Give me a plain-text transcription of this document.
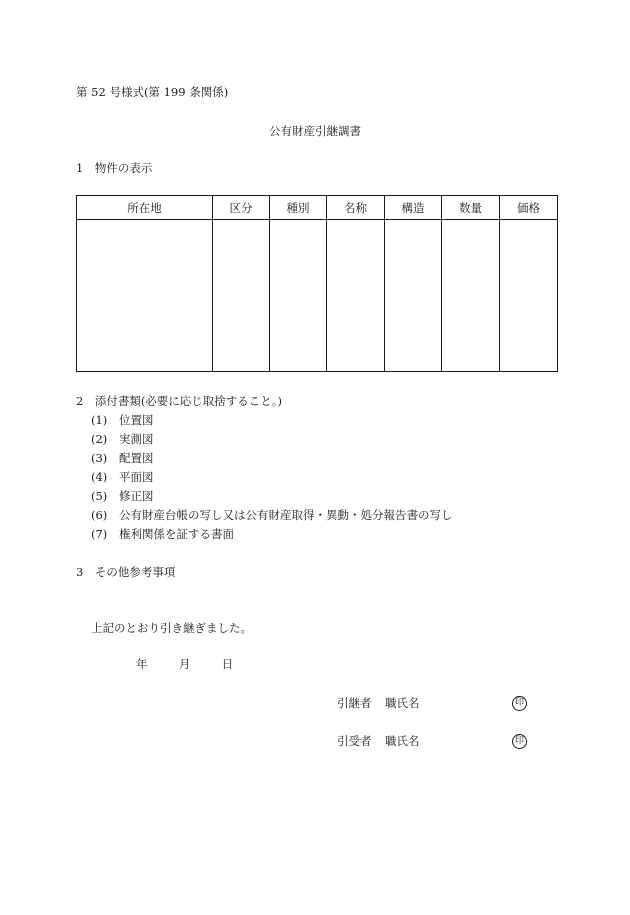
第 52 号様式(第 199 条関係)
公有財産引継調書
1　物件の表示
所在地	区分	種別	名称	構造	数量	価格

2　添付書類(必要に応じ取捨すること。)
(1) 位置図
(2) 実測図
(3) 配置図
(4) 平面図
(5) 修正図
(6) 公有財産台帳の写し又は公有財産取得・異動・処分報告書の写し
(7) 権利関係を証する書面
3　その他参考事項
上記のとおり引き継ぎました。
年	月	日
引継者 職氏名	印
引受者 職氏名	印
